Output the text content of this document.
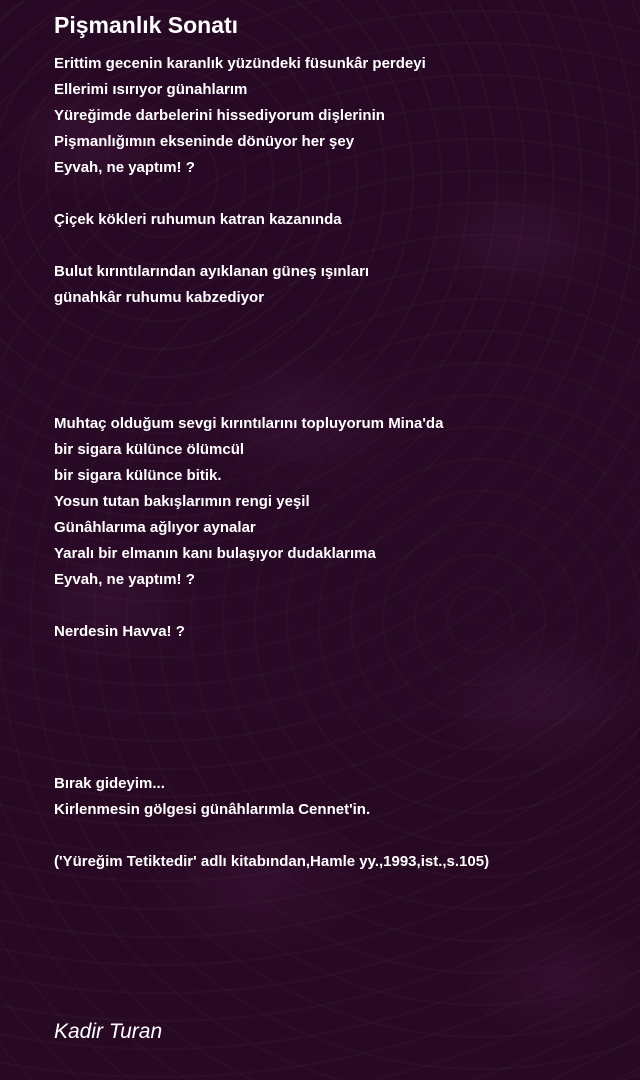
Pişmanlık Sonatı
Erittim gecenin karanlık yüzündeki füsunkâr perdeyi
Ellerimi ısırıyor günahlarım
Yüreğimde darbelerini hissediyorum dişlerinin
Pişmanlığımın ekseninde dönüyor her şey
Eyvah, ne yaptım! ?
Çiçek kökleri ruhumun katran kazanında
Bulut kırıntılarından ayıklanan güneş ışınları
günahkâr ruhumu kabzediyor
Muhtaç olduğum sevgi kırıntılarını topluyorum Mina'da
bir sigara külünce ölümcül
bir sigara külünce bitik.
Yosun tutan bakışlarımın rengi yeşil
Günâhlarıma ağlıyor aynalar
Yaralı bir elmanın kanı bulaşıyor dudaklarıma
Eyvah, ne yaptım! ?
Nerdesin Havva! ?
Bırak gideyim...
Kirlenmesin gölgesi günâhlarımla Cennet'in.
('Yüreğim Tetiktedir' adlı kitabından,Hamle yy.,1993,ist.,s.105)
Kadir Turan
